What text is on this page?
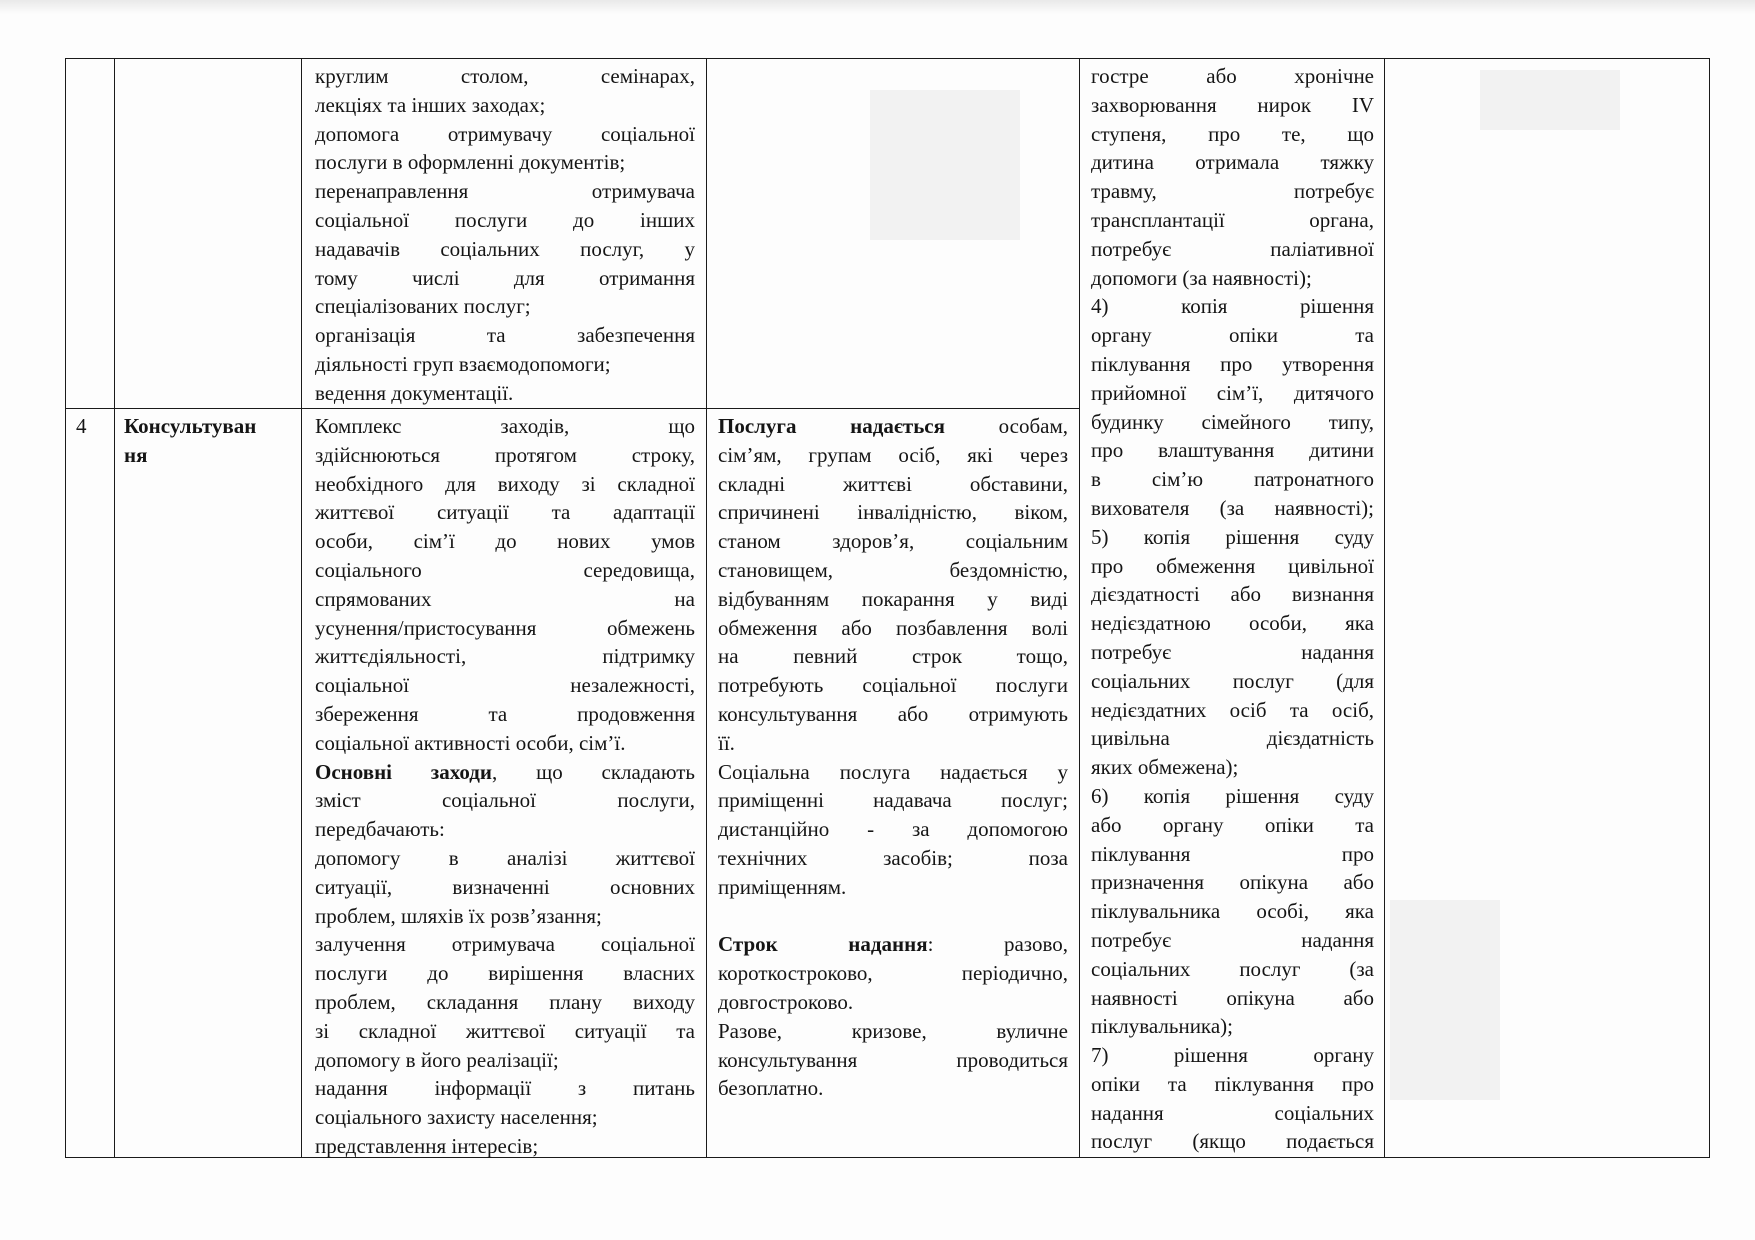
круглим столом, семінарах,
лекціях та інших заходах;
допомога отримувачу соціальної
послуги в оформленні документів;
перенаправлення отримувача
соціальної послуги до інших
надавачів соціальних послуг, у
тому числі для отримання
спеціалізованих послуг;
організація та забезпечення
діяльності груп взаємодопомоги;
ведення документації.
4 Консультуван
ня
Комплекс заходів, що
здійснюються протягом строку,
необхідного для виходу зі складної
життєвої ситуації та адаптації
особи, сім’ї до нових умов
соціального середовища,
спрямованих на
усунення/пристосування обмежень
життєдіяльності, підтримку
соціальної незалежності,
збереження та продовження
соціальної активності особи, сім’ї.
Основні заходи, що складають
зміст соціальної послуги,
передбачають:
допомогу в аналізі життєвої
ситуації, визначенні основних
проблем, шляхів їх розв’язання;
залучення отримувача соціальної
послуги до вирішення власних
проблем, складання плану виходу
зі складної життєвої ситуації та
допомогу в його реалізації;
надання інформації з питань
соціального захисту населення;
представлення інтересів;
Послуга надається особам,
сім’ям, групам осіб, які через
складні життєві обставини,
спричинені інвалідністю, віком,
станом здоров’я, соціальним
становищем, бездомністю,
відбуванням покарання у виді
обмеження або позбавлення волі
на певний строк тощо,
потребують соціальної послуги
консультування або отримують
її.
Соціальна послуга надається у
приміщенні надавача послуг;
дистанційно - за допомогою
технічних засобів; поза
приміщенням.
Строк надання: разово,
короткостроково, періодично,
довгостроково.
Разове, кризове, вуличне
консультування проводиться
безоплатно.
гостре або хронічне
захворювання нирок IV
ступеня, про те, що
дитина отримала тяжку
травму, потребує
трансплантації органа,
потребує паліативної
допомоги (за наявності);
4) копія рішення
органу опіки та
піклування про утворення
прийомної сім’ї, дитячого
будинку сімейного типу,
про влаштування дитини
в сім’ю патронатного
вихователя (за наявності);
5) копія рішення суду
про обмеження цивільної
дієздатності або визнання
недієздатною особи, яка
потребує надання
соціальних послуг (для
недієздатних осіб та осіб,
цивільна дієздатність
яких обмежена);
6) копія рішення суду
або органу опіки та
піклування про
призначення опікуна або
піклувальника особі, яка
потребує надання
соціальних послуг (за
наявності опікуна або
піклувальника);
7) рішення органу
опіки та піклування про
надання соціальних
послуг (якщо подається
